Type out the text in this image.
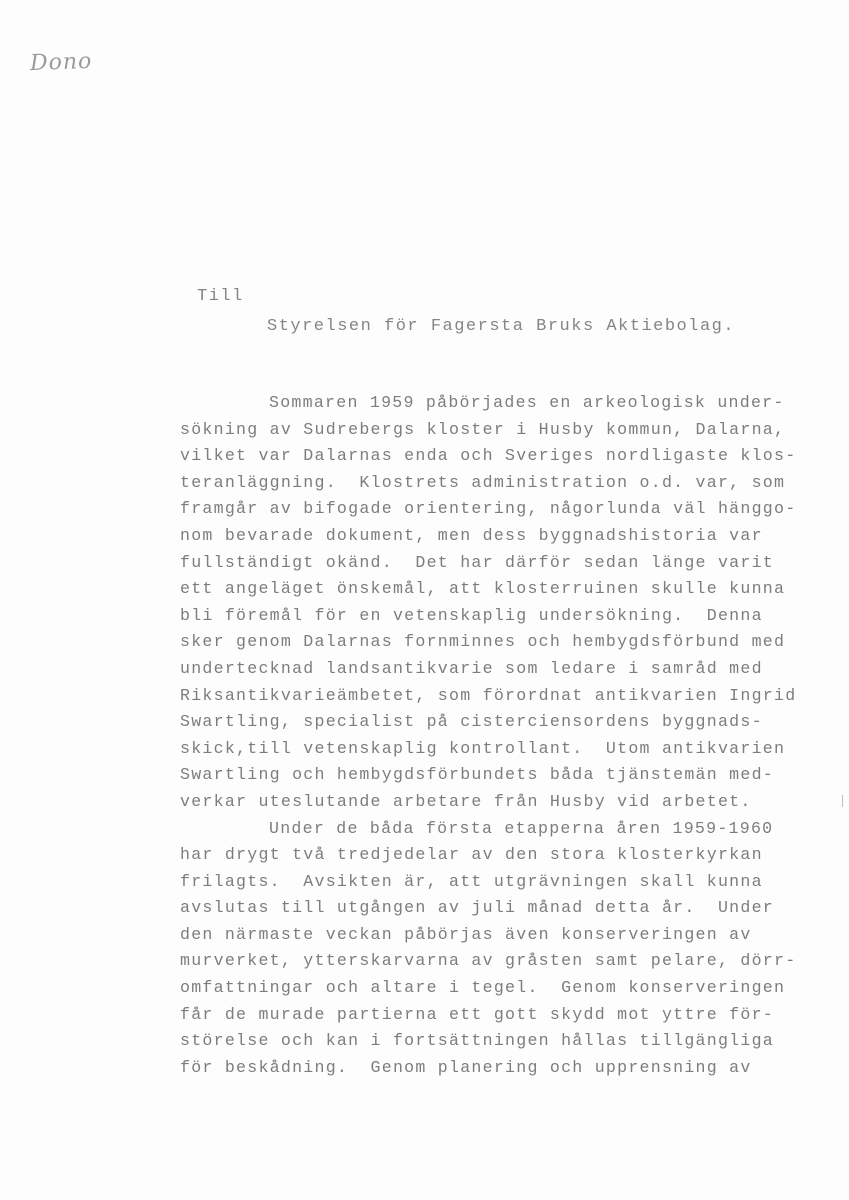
Dono
Till
Styrelsen för Fagersta Bruks Aktiebolag.
Sommaren 1959 påbörjades en arkeologisk under-
sökning av Sudrebergs kloster i Husby kommun, Dalarna,
vilket var Dalarnas enda och Sveriges nordligaste klos-
teranläggning.  Klostrets administration o.d. var, som
framgår av bifogade orientering, någorlunda väl hänggo-
nom bevarade dokument, men dess byggnadshistoria var
fullständigt okänd.  Det har därför sedan länge varit
ett angeläget önskemål, att klosterruinen skulle kunna
bli föremål för en vetenskaplig undersökning.  Denna
sker genom Dalarnas fornminnes och hembygdsförbund med
undertecknad landsantikvarie som ledare i samråd med
Riksantikvarieämbetet, som förordnat antikvarien Ingrid
Swartling, specialist på cisterciensordens byggnads-
skick,till vetenskaplig kontrollant.  Utom antikvarien
Swartling och hembygdsförbundets båda tjänstemän med-
verkar uteslutande arbetare från Husby vid arbetet.
Under de båda första etapperna åren 1959-1960
har drygt två tredjedelar av den stora klosterkyrkan
frilagts.  Avsikten är, att utgrävningen skall kunna
avslutas till utgången av juli månad detta år.  Under
den närmaste veckan påbörjas även konserveringen av
murverket, ytterskarvarna av gråsten samt pelare, dörr-
omfattningar och altare i tegel.  Genom konserveringen
får de murade partierna ett gott skydd mot yttre för-
störelse och kan i fortsättningen hållas tillgängliga
för beskådning.  Genom planering och upprensning av
